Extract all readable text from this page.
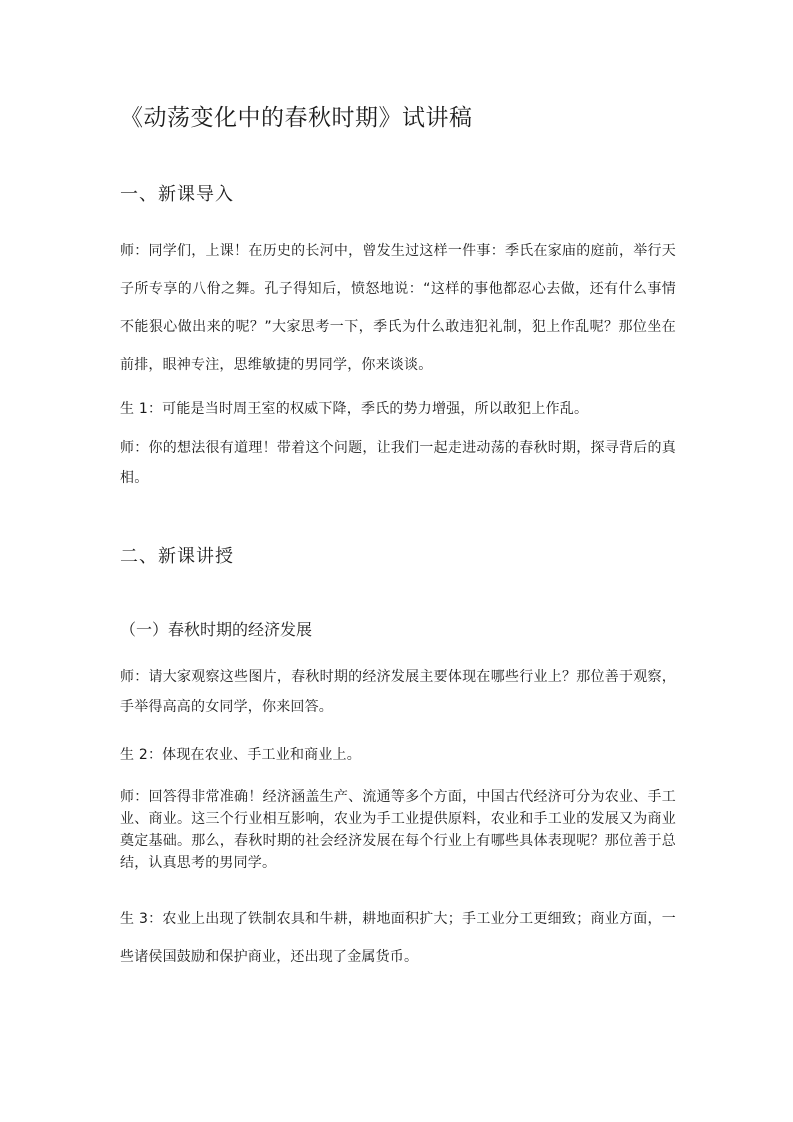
《动荡变化中的春秋时期》试讲稿
一、新课导入

师：同学们，上课！在历史的长河中，曾发生过这样一件事：季氏在家庙的庭前，举行天子所专享的八佾之舞。孔子得知后，愤怒地说：“这样的事他都忍心去做，还有什么事情不能狠心做出来的呢？”大家思考一下，季氏为什么敢违犯礼制，犯上作乱呢？那位坐在前排，眼神专注，思维敏捷的男同学，你来谈谈。

生 1：可能是当时周王室的权威下降，季氏的势力增强，所以敢犯上作乱。

师：你的想法很有道理！带着这个问题，让我们一起走进动荡的春秋时期，探寻背后的真相。

二、新课讲授
（一）春秋时期的经济发展

师：请大家观察这些图片，春秋时期的经济发展主要体现在哪些行业上？那位善于观察，手举得高高的女同学，你来回答。

生 2：体现在农业、手工业和商业上。

师：回答得非常准确！经济涵盖生产、流通等多个方面，中国古代经济可分为农业、手工业、商业。这三个行业相互影响，农业为手工业提供原料，农业和手工业的发展又为商业奠定基础。那么，春秋时期的社会经济发展在每个行业上有哪些具体表现呢？那位善于总结，认真思考的男同学。

生 3：农业上出现了铁制农具和牛耕，耕地面积扩大；手工业分工更细致；商业方面，一些诸侯国鼓励和保护商业，还出现了金属货币。
